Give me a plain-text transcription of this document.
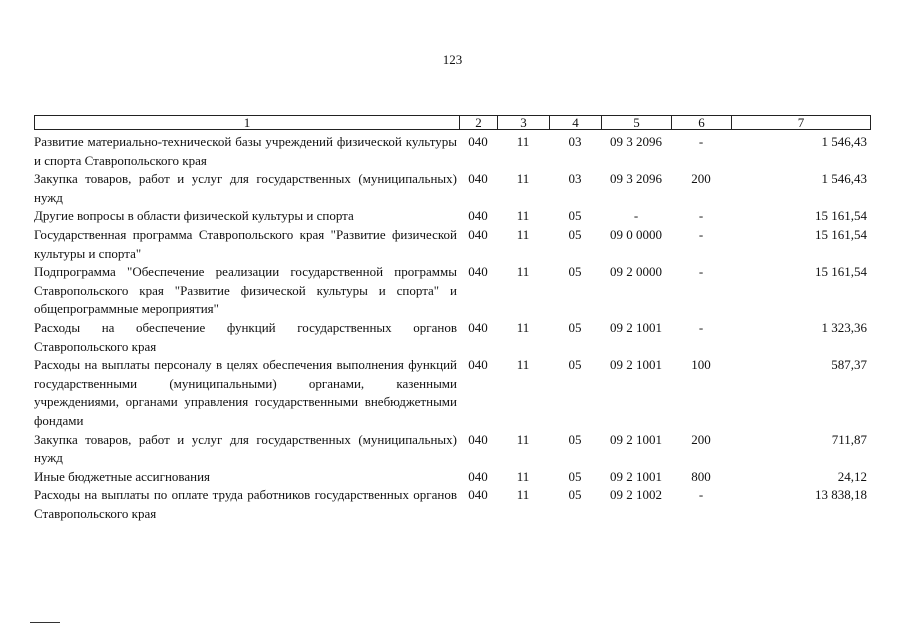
123
1	2	3	4	5	6	7
Развитие материально-технической базы учреждений физической культуры и спорта Ставропольского края
040	11	03	09 3 2096	-	1 546,43
Закупка товаров, работ и услуг для государственных (муниципальных) нужд
040	11	03	09 3 2096	200	1 546,43
Другие вопросы в области физической культуры и спорта	040	11	05	-	-	15 161,54
Государственная программа Ставропольского края "Развитие физической культуры и спорта"
040	11	05	09 0 0000	-	15 161,54
Подпрограмма "Обеспечение реализации государственной программы Ставропольского края "Развитие физической культуры и спорта" и общепрограммные мероприятия"
040	11	05	09 2 0000	-	15 161,54
Расходы на обеспечение функций государственных органов Ставропольского края
040	11	05	09 2 1001	-	1 323,36
Расходы на выплаты персоналу в целях обеспечения выполнения функций государственными (муниципальными) органами, казенными учреждениями, органами управления государственными внебюджетными фондами
040	11	05	09 2 1001	100	587,37
Закупка товаров, работ и услуг для государственных (муниципальных) нужд
040	11	05	09 2 1001	200	711,87
Иные бюджетные ассигнования	040	11	05	09 2 1001	800	24,12
Расходы на выплаты по оплате труда работников государственных органов Ставропольского края
040	11	05	09 2 1002	-	13 838,18
